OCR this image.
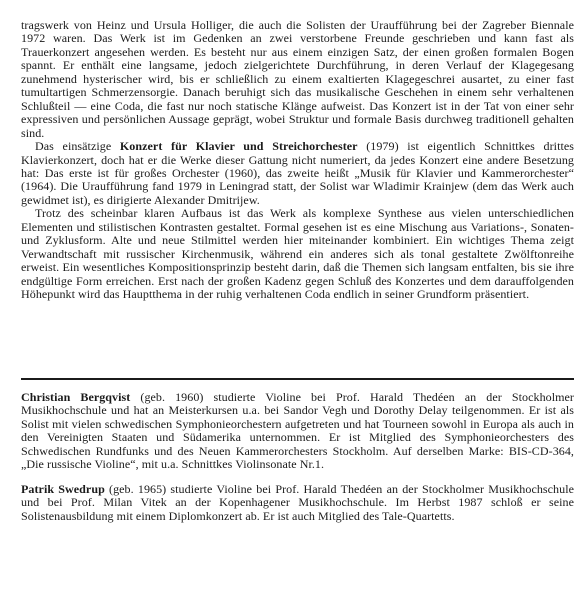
tragswerk von Heinz und Ursula Holliger, die auch die Solisten der Uraufführung bei der Zagreber Biennale 1972 waren. Das Werk ist im Gedenken an zwei verstorbene Freunde geschrieben und kann fast als Trauerkonzert angesehen werden. Es besteht nur aus einem einzigen Satz, der einen großen formalen Bogen spannt. Er enthält eine langsame, jedoch zielgerichtete Durchführung, in deren Verlauf der Klagegesang zunehmend hysterischer wird, bis er schließlich zu einem exaltierten Klagegeschrei ausartet, zu einer fast tumultartigen Schmerzensorgie. Danach beruhigt sich das musikalische Geschehen in einem sehr verhaltenen Schlußteil — eine Coda, die fast nur noch statische Klänge aufweist. Das Konzert ist in der Tat von einer sehr expressiven und persönlichen Aussage geprägt, wobei Struktur und formale Basis durchweg traditionell gehalten sind.

Das einsätzige Konzert für Klavier und Streichorchester (1979) ist eigentlich Schnittkes drittes Klavierkonzert, doch hat er die Werke dieser Gattung nicht numeriert, da jedes Konzert eine andere Besetzung hat: Das erste ist für großes Orchester (1960), das zweite heißt „Musik für Klavier und Kammerorchester“ (1964). Die Uraufführung fand 1979 in Leningrad statt, der Solist war Wladimir Krainjew (dem das Werk auch gewidmet ist), es dirigierte Alexander Dmitrijew.

Trotz des scheinbar klaren Aufbaus ist das Werk als komplexe Synthese aus vielen unterschiedlichen Elementen und stilistischen Kontrasten gestaltet. Formal gesehen ist es eine Mischung aus Variations-, Sonaten- und Zyklusform. Alte und neue Stilmittel werden hier miteinander kombiniert. Ein wichtiges Thema zeigt Verwandtschaft mit russischer Kirchenmusik, während ein anderes sich als tonal gestaltete Zwölftonreihe erweist. Ein wesentliches Kompositionsprinzip besteht darin, daß die Themen sich langsam entfalten, bis sie ihre endgültige Form erreichen. Erst nach der großen Kadenz gegen Schluß des Konzertes und dem darauffolgenden Höhepunkt wird das Hauptthema in der ruhig verhaltenen Coda endlich in seiner Grundform präsentiert.

Christian Bergqvist (geb. 1960) studierte Violine bei Prof. Harald Thedéen an der Stockholmer Musikhochschule und hat an Meisterkursen u.a. bei Sandor Vegh und Dorothy Delay teilgenommen. Er ist als Solist mit vielen schwedischen Symphonieorchestern aufgetreten und hat Tourneen sowohl in Europa als auch in den Vereinigten Staaten und Südamerika unternommen. Er ist Mitglied des Symphonieorchesters des Schwedischen Rundfunks und des Neuen Kammerorchesters Stockholm. Auf derselben Marke: BIS-CD-364, „Die russische Violine“, mit u.a. Schnittkes Violinsonate Nr.1.

Patrik Swedrup (geb. 1965) studierte Violine bei Prof. Harald Thedéen an der Stockholmer Musikhochschule und bei Prof. Milan Vitek an der Kopenhagener Musikhochschule. Im Herbst 1987 schloß er seine Solistenausbildung mit einem Diplomkonzert ab. Er ist auch Mitglied des Tale-Quartetts.
